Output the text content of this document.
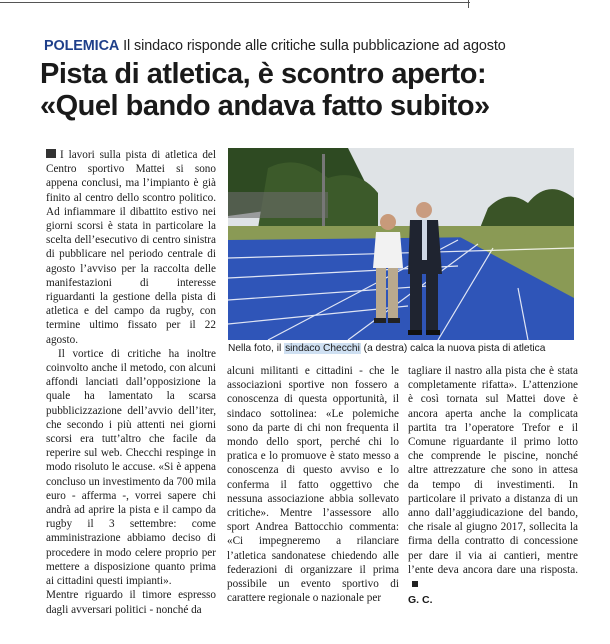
POLEMICA Il sindaco risponde alle critiche sulla pubblicazione ad agosto
Pista di atletica, è scontro aperto:
«Quel bando andava fatto subito»

I lavori sulla pista di atletica del Centro sportivo Mattei si sono appena conclusi, ma l’impianto è già finito al centro dello scontro politico. Ad infiammare il dibattito estivo nei giorni scorsi è stata in particolare la scelta dell’esecutivo di centro sinistra di pubblicare nel periodo centrale di agosto l’avviso per la raccolta delle manifestazioni di interesse riguardanti la gestione della pista di atletica e del campo da rugby, con termine ultimo fissato per il 22 agosto.

Il vortice di critiche ha inoltre coinvolto anche il metodo, con alcuni affondi lanciati dall’opposizione la quale ha lamentato la scarsa pubblicizzazione dell’avvio dell’iter, che secondo i più attenti nei giorni scorsi era tutt’altro che facile da reperire sul web. Checchi respinge in modo risoluto le accuse. «Si è appena concluso un investimento da 700 mila euro - afferma -, vorrei sapere chi andrà ad aprire la pista e il campo da rugby il 3 settembre: come amministrazione abbiamo deciso di procedere in modo celere proprio per mettere a disposizione quanto prima ai cittadini questi impianti».

Mentre riguardo il timore espresso dagli avversari politici - nonché da

Nella foto, il sindaco Checchi (a destra) calca la nuova pista di atletica

alcuni militanti e cittadini - che le associazioni sportive non fossero a conoscenza di questa opportunità, il sindaco sottolinea: «Le polemiche sono da parte di chi non frequenta il mondo dello sport, perché chi lo pratica e lo promuove è stato messo a conoscenza di questo avviso e lo conferma il fatto oggettivo che nessuna associazione abbia sollevato critiche». Mentre l’assessore allo sport Andrea Battocchio commenta: «Ci impegneremo a rilanciare l’atletica sandonatese chiedendo alle federazioni di organizzare il prima possibile un evento sportivo di carattere regionale o nazionale per

tagliare il nastro alla pista che è stata completamente rifatta». L’attenzione è così tornata sul Mattei dove è ancora aperta anche la complicata partita tra l’operatore Trefor e il Comune riguardante il primo lotto che comprende le piscine, nonché altre attrezzature che sono in attesa da tempo di investimenti. In particolare il privato a distanza di un anno dall’aggiudicazione del bando, che risale al giugno 2017, sollecita la firma della contratto di concessione per dare il via ai cantieri, mentre l’ente deva ancora dare una risposta.

G. C.
